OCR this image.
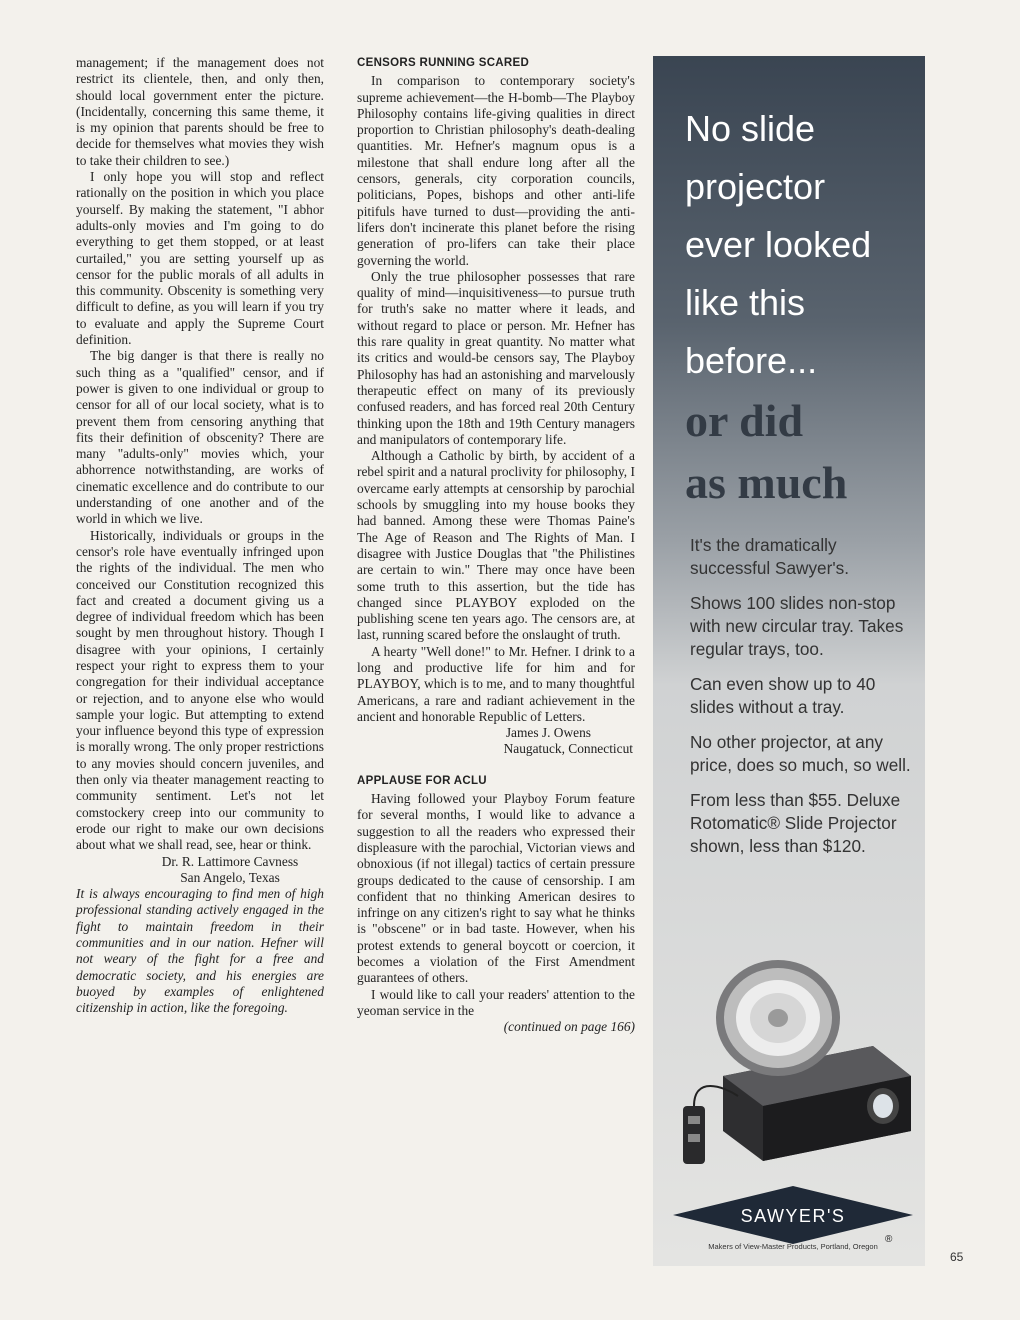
management; if the management does not restrict its clientele, then, and only then, should local government enter the picture. (Incidentally, concerning this same theme, it is my opinion that parents should be free to decide for themselves what movies they wish to take their children to see.)

I only hope you will stop and reflect rationally on the position in which you place yourself. By making the statement, "I abhor adults-only movies and I'm going to do everything to get them stopped, or at least curtailed," you are setting yourself up as censor for the public morals of all adults in this community. Obscenity is something very difficult to define, as you will learn if you try to evaluate and apply the Supreme Court definition.

The big danger is that there is really no such thing as a "qualified" censor, and if power is given to one individual or group to censor for all of our local society, what is to prevent them from censoring anything that fits their definition of obscenity? There are many "adults-only" movies which, your abhorrence notwithstanding, are works of cinematic excellence and do contribute to our understanding of one another and of the world in which we live.

Historically, individuals or groups in the censor's role have eventually infringed upon the rights of the individual. The men who conceived our Constitution recognized this fact and created a document giving us a degree of individual freedom which has been sought by men throughout history. Though I disagree with your opinions, I certainly respect your right to express them to your congregation for their individual acceptance or rejection, and to anyone else who would sample your logic. But attempting to extend your influence beyond this type of expression is morally wrong. The only proper restrictions to any movies should concern juveniles, and then only via theater management reacting to community sentiment. Let's not let comstockery creep into our community to erode our right to make our own decisions about what we shall read, see, hear or think.

Dr. R. Lattimore Cavness
San Angelo, Texas

It is always encouraging to find men of high professional standing actively engaged in the fight to maintain freedom in their communities and in our nation. Hefner will not weary of the fight for a free and democratic society, and his energies are buoyed by examples of enlightened citizenship in action, like the foregoing.

CENSORS RUNNING SCARED

In comparison to contemporary society's supreme achievement—the H-bomb—The Playboy Philosophy contains life-giving qualities in direct proportion to Christian philosophy's death-dealing quantities. Mr. Hefner's magnum opus is a milestone that shall endure long after all the censors, generals, city corporation councils, politicians, Popes, bishops and other anti-life pitifuls have turned to dust—providing the anti-lifers don't incinerate this planet before the rising generation of pro-lifers can take their place governing the world.

Only the true philosopher possesses that rare quality of mind—inquisitiveness—to pursue truth for truth's sake no matter where it leads, and without regard to place or person. Mr. Hefner has this rare quality in great quantity. No matter what its critics and would-be censors say, The Playboy Philosophy has had an astonishing and marvelously therapeutic effect on many of its previously confused readers, and has forced real 20th Century thinking upon the 18th and 19th Century managers and manipulators of contemporary life.

Although a Catholic by birth, by accident of a rebel spirit and a natural proclivity for philosophy, I overcame early attempts at censorship by parochial schools by smuggling into my house books they had banned. Among these were Thomas Paine's The Age of Reason and The Rights of Man. I disagree with Justice Douglas that "the Philistines are certain to win." There may once have been some truth to this assertion, but the tide has changed since PLAYBOY exploded on the publishing scene ten years ago. The censors are, at last, running scared before the onslaught of truth.

A hearty "Well done!" to Mr. Hefner. I drink to a long and productive life for him and for PLAYBOY, which is to me, and to many thoughtful Americans, a rare and radiant achievement in the ancient and honorable Republic of Letters.

James J. Owens
Naugatuck, Connecticut
APPLAUSE FOR ACLU

Having followed your Playboy Forum feature for several months, I would like to advance a suggestion to all the readers who expressed their displeasure with the parochial, Victorian views and obnoxious (if not illegal) tactics of certain pressure groups dedicated to the cause of censorship. I am confident that no thinking American desires to infringe on any citizen's right to say what he thinks is "obscene" or in bad taste. However, when his protest extends to general boycott or coercion, it becomes a violation of the First Amendment guarantees of others.

I would like to call your readers' attention to the yeoman service in the

(continued on page 166)
No slide
projector
ever looked
like this
before...
or did
as much

It's the dramatically successful Sawyer's.

Shows 100 slides non-stop with new circular tray. Takes regular trays, too.

Can even show up to 40 slides without a tray.

No other projector, at any price, does so much, so well.

From less than $55. Deluxe Rotomatic® Slide Projector shown, less than $120.

SAWYER'S
®
Makers of View-Master Products, Portland, Oregon
65
